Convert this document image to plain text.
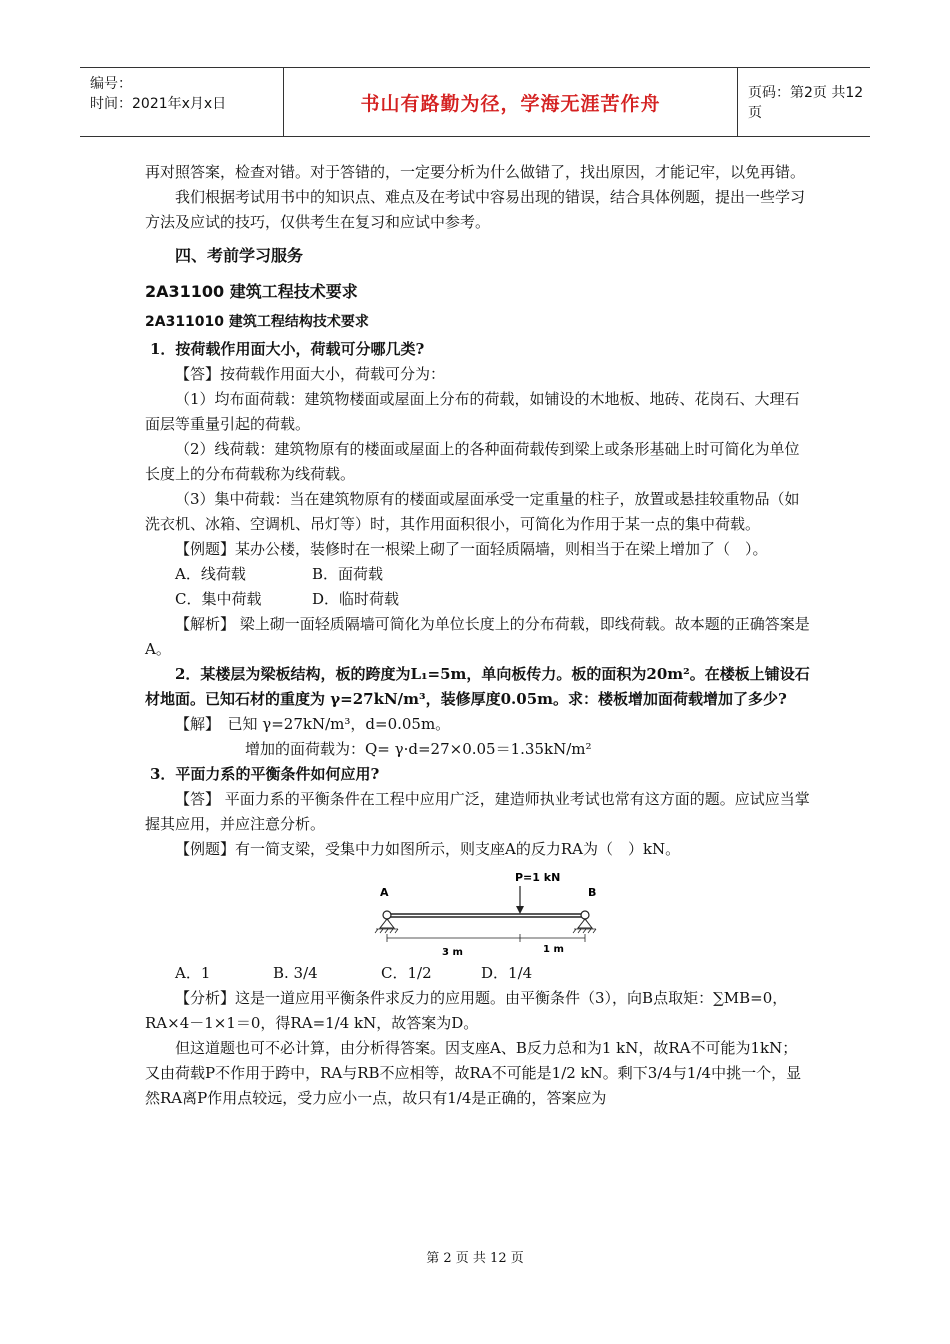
编号：
时间：2021年x月x日	书山有路勤为径，学海无涯苦作舟	页码：第2页 共12页

再对照答案，检查对错。对于答错的，一定要分析为什么做错了，找出原因，才能记牢，以免再错。

我们根据考试用书中的知识点、难点及在考试中容易出现的错误，结合具体例题，提出一些学习方法及应试的技巧，仅供考生在复习和应试中参考。

四、考前学习服务

2A31100 建筑工程技术要求

2A311010 建筑工程结构技术要求

1．按荷载作用面大小，荷载可分哪几类?

【答】按荷载作用面大小，荷载可分为：

（1）均布面荷载：建筑物楼面或屋面上分布的荷载，如铺设的木地板、地砖、花岗石、大理石面层等重量引起的荷载。

（2）线荷载：建筑物原有的楼面或屋面上的各种面荷载传到梁上或条形基础上时可简化为单位长度上的分布荷载称为线荷载。

（3）集中荷载：当在建筑物原有的楼面或屋面承受一定重量的柱子，放置或悬挂较重物品（如洗衣机、冰箱、空调机、吊灯等）时，其作用面积很小，可简化为作用于某一点的集中荷载。

【例题】某办公楼，装修时在一根梁上砌了一面轻质隔墙，则相当于在梁上增加了（　）。

A．线荷载	B．面荷载
C．集中荷载	D．临时荷载

【解析】 梁上砌一面轻质隔墙可简化为单位长度上的分布荷载，即线荷载。故本题的正确答案是A。

2．某楼层为梁板结构，板的跨度为L₁=5m，单向板传力。板的面积为20m²。在楼板上铺设石材地面。已知石材的重度为 γ=27kN/m³，装修厚度0.05m。求：楼板增加面荷载增加了多少?

【解】　已知 γ=27kN/m³，d=0.05m。

增加的面荷载为：Q= γ·d=27×0.05＝1.35kN/m²

3．平面力系的平衡条件如何应用?

【答】 平面力系的平衡条件在工程中应用广泛，建造师执业考试也常有这方面的题。应试应当掌握其应用，并应注意分析。

【例题】有一简支梁，受集中力如图所示，则支座A的反力RA为（　）kN。

P=1 kN
A	B
3 m	1 m
A．1	B. 3/4	C．1/2	D．1/4

【分析】这是一道应用平衡条件求反力的应用题。由平衡条件（3），向B点取矩：∑MB=0，RA×4－1×1＝0，得RA=1/4 kN，故答案为D。

但这道题也可不必计算，由分析得答案。因支座A、B反力总和为1 kN，故RA不可能为1kN；又由荷载P不作用于跨中，RA与RB不应相等，故RA不可能是1/2 kN。剩下3/4与1/4中挑一个，显然RA离P作用点较远，受力应小一点，故只有1/4是正确的，答案应为

第 2 页 共 12 页
